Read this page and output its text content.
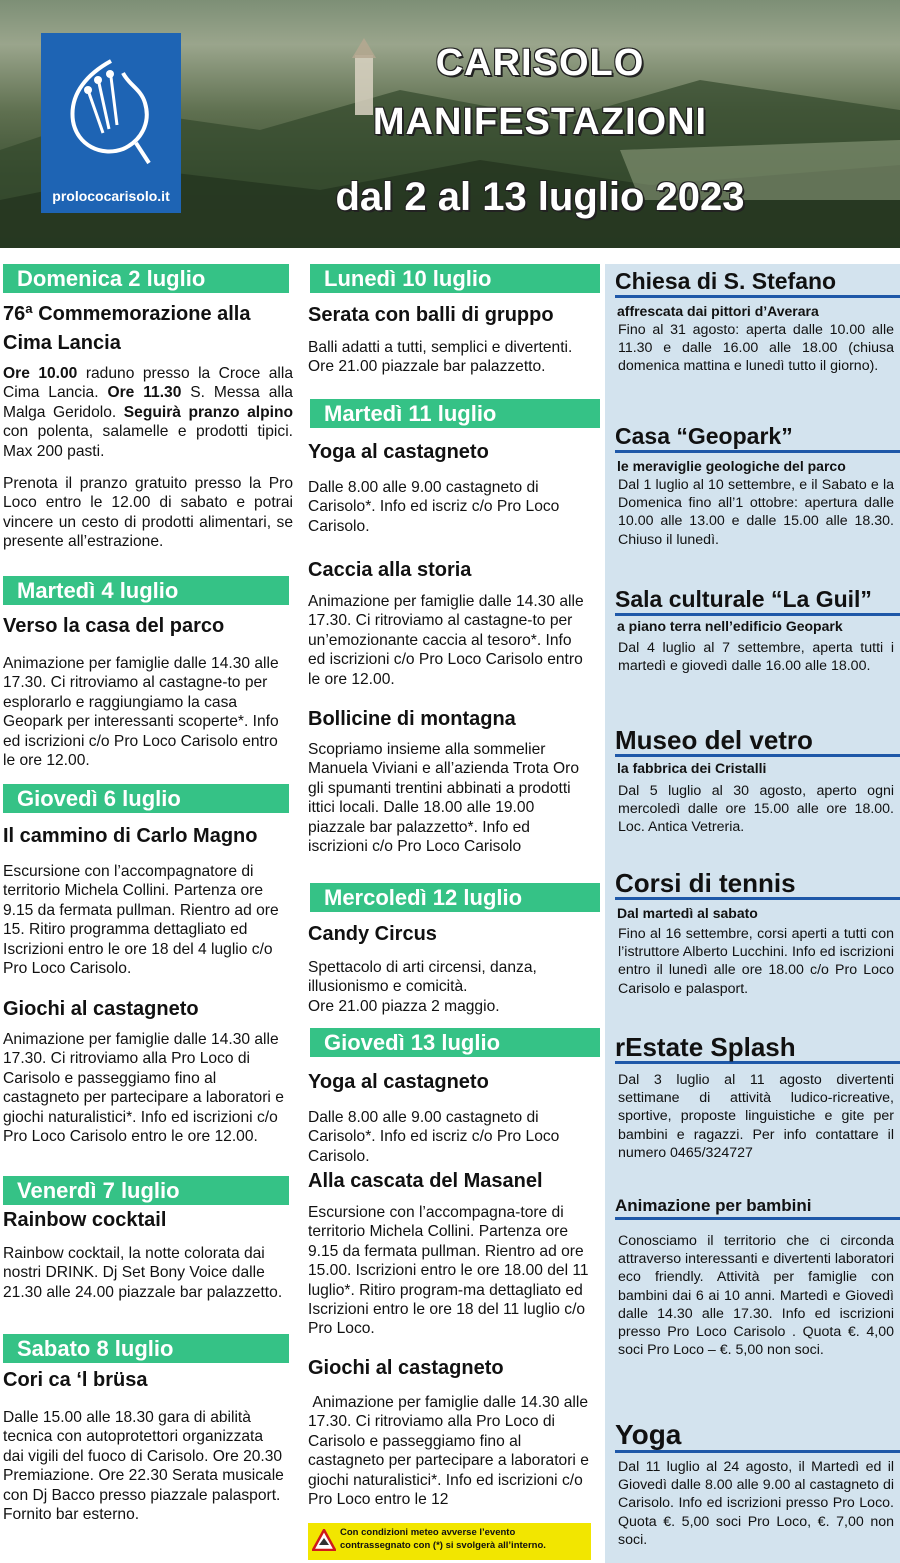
prolococarisolo.it
CARISOLO
MANIFESTAZIONI
dal 2 al 13 luglio 2023
Domenica 2 luglio
76ª Commemorazione alla
Cima Lancia
Ore 10.00 raduno presso la Croce alla Cima Lancia. Ore 11.30 S. Messa alla Malga Geridolo. Seguirà pranzo alpino con polenta, salamelle e prodotti tipici. Max 200 pasti.
Prenota il pranzo gratuito presso la Pro Loco entro le 12.00 di sabato e potrai vincere un cesto di prodotti alimentari, se presente all’estrazione.
Martedì 4 luglio
Verso la casa del parco
Animazione per famiglie dalle 14.30 alle 17.30. Ci ritroviamo al castagne-to per esplorarlo e raggiungiamo la casa Geopark per interessanti scoperte*. Info ed iscrizioni c/o Pro Loco Carisolo entro le ore 12.00.
Giovedì 6 luglio
Il cammino di Carlo Magno
Escursione con l’accompagnatore di territorio Michela Collini. Partenza ore 9.15 da fermata pullman. Rientro ad ore 15. Ritiro programma dettagliato ed Iscrizioni entro le ore 18 del 4 luglio c/o Pro Loco Carisolo.
Giochi al castagneto
Animazione per famiglie dalle 14.30 alle 17.30. Ci ritroviamo alla Pro Loco di Carisolo e passeggiamo fino al castagneto per partecipare a laboratori e giochi naturalistici*. Info ed iscrizioni c/o Pro Loco Carisolo entro le ore 12.00.
Venerdì 7 luglio
Rainbow cocktail
Rainbow cocktail, la notte colorata dai nostri DRINK. Dj Set Bony Voice dalle 21.30 alle 24.00 piazzale bar palazzetto.
Sabato 8 luglio
Cori ca ‘l brüsa
Dalle 15.00 alle 18.30 gara di abilità tecnica con autoprotettori organizzata dai vigili del fuoco di Carisolo. Ore 20.30 Premiazione. Ore 22.30 Serata musicale con Dj Bacco presso piazzale palasport. Fornito bar esterno.
Lunedì 10 luglio
Serata con balli di gruppo
Balli adatti a tutti, semplici e divertenti. Ore 21.00 piazzale bar palazzetto.
Martedì 11 luglio
Yoga al castagneto
Dalle 8.00 alle 9.00 castagneto di Carisolo*. Info ed iscriz c/o Pro Loco Carisolo.
Caccia alla storia
Animazione per famiglie dalle 14.30 alle 17.30. Ci ritroviamo al castagne-to per un’emozionante caccia al tesoro*. Info ed iscrizioni c/o Pro Loco Carisolo entro le ore 12.00.
Bollicine di montagna
Scopriamo insieme alla sommelier Manuela Viviani e all’azienda Trota Oro gli spumanti trentini abbinati a prodotti ittici locali. Dalle 18.00 alle 19.00 piazzale bar palazzetto*. Info ed iscrizioni c/o Pro Loco Carisolo
Mercoledì 12 luglio
Candy Circus
Spettacolo di arti circensi, danza, illusionismo e comicità.
Ore 21.00 piazza 2 maggio.
Giovedì 13 luglio
Yoga al castagneto
Dalle 8.00 alle 9.00 castagneto di Carisolo*. Info ed iscriz c/o Pro Loco Carisolo.
Alla cascata del Masanel
Escursione con l’accompagna-tore di territorio Michela Collini. Partenza ore 9.15 da fermata pullman. Rientro ad ore 15.00. Iscrizioni entro le ore 18.00 del 11 luglio*. Ritiro program-ma dettagliato ed Iscrizioni entro le ore 18 del 11 luglio c/o Pro Loco.
Giochi al castagneto
Animazione per famiglie dalle 14.30 alle 17.30. Ci ritroviamo alla Pro Loco di Carisolo e passeggiamo fino al castagneto per partecipare a laboratori e giochi naturalistici*. Info ed iscrizioni c/o Pro Loco entro le 12
Con condizioni meteo avverse l’evento contrassegnato con (*) si svolgerà all’interno.
Chiesa di S. Stefano
affrescata dai pittori d’Averara
Fino al 31 agosto: aperta dalle 10.00 alle 11.30 e dalle 16.00 alle 18.00 (chiusa domenica mattina e lunedì tutto il giorno).
Casa “Geopark”
le meraviglie geologiche del parco
Dal 1 luglio al 10 settembre, e il Sabato e la Domenica fino all’1 ottobre: apertura dalle 10.00 alle 13.00 e dalle 15.00 alle 18.30. Chiuso il lunedì.
Sala culturale “La Guil”
a piano terra nell’edificio Geopark
Dal 4 luglio al 7 settembre, aperta tutti i martedì e giovedì dalle 16.00 alle 18.00.
Museo del vetro
la fabbrica dei Cristalli
Dal 5 luglio al 30 agosto, aperto ogni mercoledì dalle ore 15.00 alle ore 18.00. Loc. Antica Vetreria.
Corsi di tennis
Dal martedì al sabato
Fino al 16 settembre, corsi aperti a tutti con l’istruttore Alberto Lucchini. Info ed iscrizioni entro il lunedì alle ore 18.00 c/o Pro Loco Carisolo e palasport.
rEstate Splash
Dal 3 luglio al 11 agosto divertenti settimane di attività ludico-ricreative, sportive, proposte linguistiche e gite per bambini e ragazzi. Per info contattare il numero 0465/324727
Animazione per bambini
Conosciamo il territorio che ci circonda attraverso interessanti e divertenti laboratori eco friendly. Attività per famiglie con bambini dai 6 ai 10 anni. Martedì e Giovedì dalle 14.30 alle 17.30. Info ed iscrizioni presso Pro Loco Carisolo . Quota €. 4,00 soci Pro Loco – €. 5,00 non soci.
Yoga
Dal 11 luglio al 24 agosto, il Martedì ed il Giovedì dalle 8.00 alle 9.00 al castagneto di Carisolo. Info ed iscrizioni presso Pro Loco. Quota €. 5,00 soci Pro Loco, €. 7,00 non soci.
